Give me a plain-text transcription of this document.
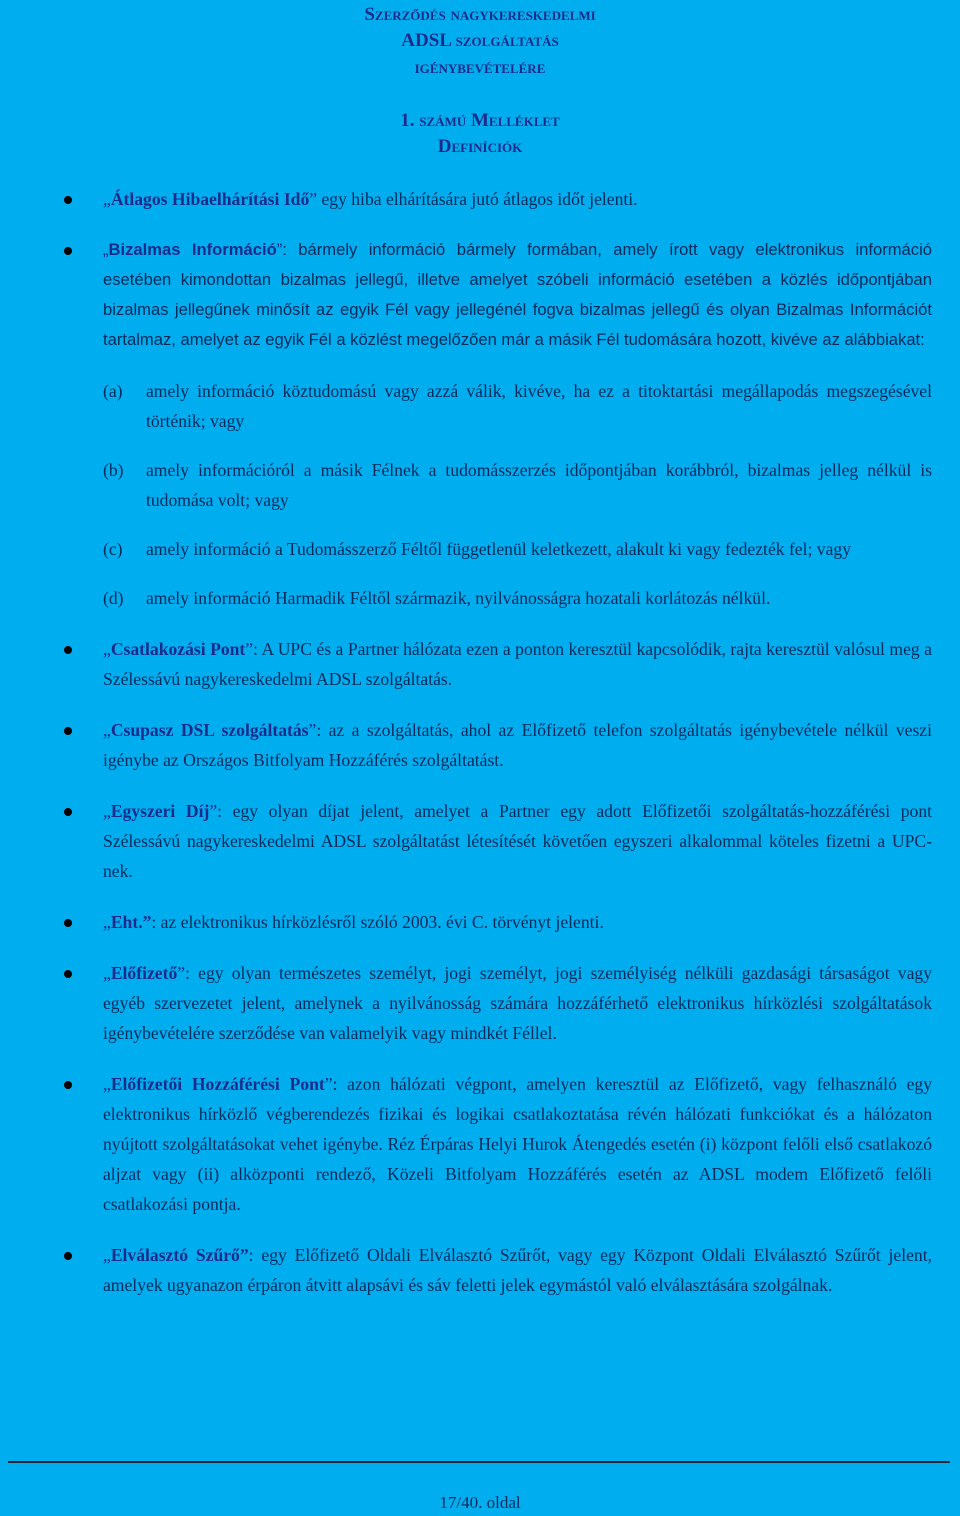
Szerződés nagykereskedelmi
ADSL szolgáltatás
igénybevételére
1. számú Melléklet
Definíciók
„Átlagos Hibaelhárítási Idő” egy hiba elhárítására jutó átlagos időt jelenti.
„Bizalmas Információ”: bármely információ bármely formában, amely írott vagy elektronikus információ esetében kimondottan bizalmas jellegű, illetve amelyet szóbeli információ esetében a közlés időpontjában bizalmas jellegűnek minősít az egyik Fél vagy jellegénél fogva bizalmas jellegű és olyan Bizalmas Információt tartalmaz, amelyet az egyik Fél a közlést megelőzően már a másik Fél tudomására hozott, kivéve az alábbiakat:
(a) amely információ köztudomású vagy azzá válik, kivéve, ha ez a titoktartási megállapodás megszegésével történik; vagy
(b) amely információról a másik Félnek a tudomásszerzés időpontjában korábbról, bizalmas jelleg nélkül is tudomása volt; vagy
(c) amely információ a Tudomásszerző Féltől függetlenül keletkezett, alakult ki vagy fedezték fel; vagy
(d) amely információ Harmadik Féltől származik, nyilvánosságra hozatali korlátozás nélkül.
„Csatlakozási Pont”: A UPC és a Partner hálózata ezen a ponton keresztül kapcsolódik, rajta keresztül valósul meg a Szélessávú nagykereskedelmi ADSL szolgáltatás.
„Csupasz DSL szolgáltatás”: az a szolgáltatás, ahol az Előfizető telefon szolgáltatás igénybevétele nélkül veszi igénybe az Országos Bitfolyam Hozzáférés szolgáltatást.
„Egyszeri Díj”: egy olyan díjat jelent, amelyet a Partner egy adott Előfizetői szolgáltatás-hozzáférési pont Szélessávú nagykereskedelmi ADSL szolgáltatást létesítését követően egyszeri alkalommal köteles fizetni a UPC-nek.
„Eht.”: az elektronikus hírközlésről szóló 2003. évi C. törvényt jelenti.
„Előfizető”: egy olyan természetes személyt, jogi személyt, jogi személyiség nélküli gazdasági társaságot vagy egyéb szervezetet jelent, amelynek a nyilvánosság számára hozzáférhető elektronikus hírközlési szolgáltatások igénybevételére szerződése van valamelyik vagy mindkét Féllel.
„Előfizetői Hozzáférési Pont”: azon hálózati végpont, amelyen keresztül az Előfizető, vagy felhasználó egy elektronikus hírközlő végberendezés fizikai és logikai csatlakoztatása révén hálózati funkciókat és a hálózaton nyújtott szolgáltatásokat vehet igénybe. Réz Érpáras Helyi Hurok Átengedés esetén (i) központ felőli első csatlakozó aljzat vagy (ii) alközponti rendező, Közeli Bitfolyam Hozzáférés esetén az ADSL modem Előfizető felőli csatlakozási pontja.
„Elválasztó Szűrő”: egy Előfizető Oldali Elválasztó Szűrőt, vagy egy Központ Oldali Elválasztó Szűrőt jelent, amelyek ugyanazon érpáron átvitt alapsávi és sáv feletti jelek egymástól való elválasztására szolgálnak.
17/40. oldal
